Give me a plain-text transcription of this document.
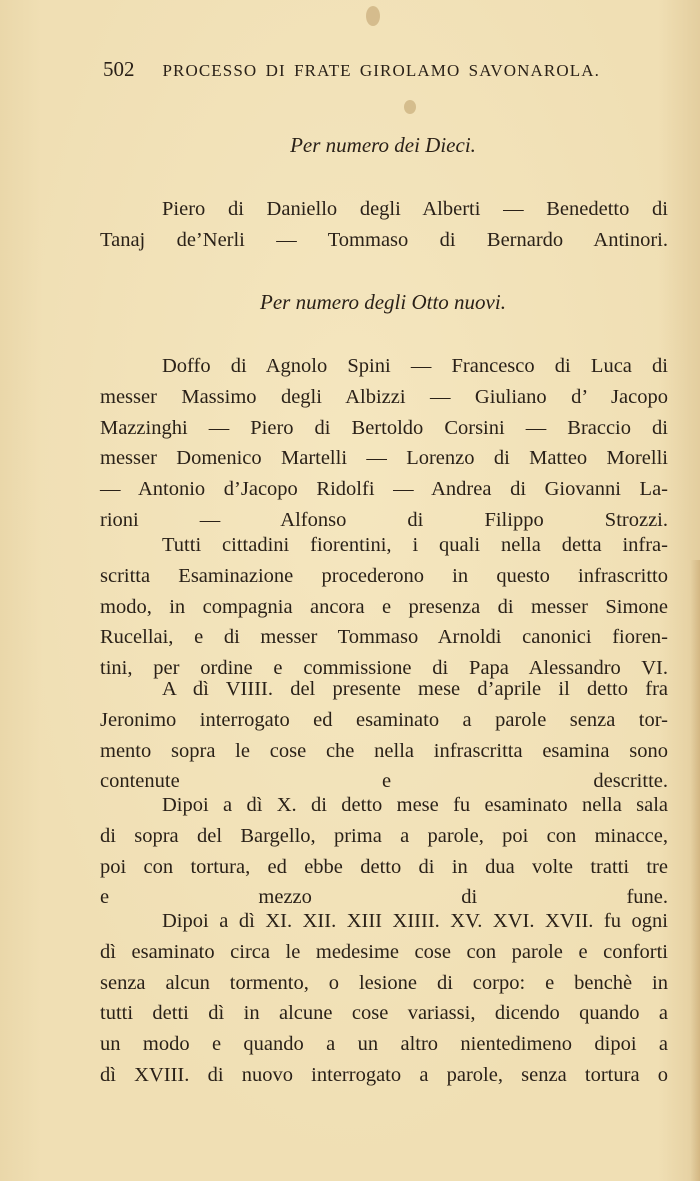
502 PROCESSO DI FRATE GIROLAMO SAVONAROLA.
Per numero dei Dieci.
Piero di Daniello degli Alberti — Benedetto di
Tanaj de’Nerli — Tommaso di Bernardo Antinori.
Per numero degli Otto nuovi.
Doffo di Agnolo Spini — Francesco di Luca di
messer Massimo degli Albizzi — Giuliano d’ Jacopo
Mazzinghi — Piero di Bertoldo Corsini — Braccio di
messer Domenico Martelli — Lorenzo di Matteo Morelli
— Antonio d’Jacopo Ridolfi — Andrea di Giovanni La-
rioni — Alfonso di Filippo Strozzi.
Tutti cittadini fiorentini, i quali nella detta infra-
scritta Esaminazione procederono in questo infrascritto
modo, in compagnia ancora e presenza di messer Simone
Rucellai, e di messer Tommaso Arnoldi canonici fioren-
tini, per ordine e commissione di Papa Alessandro VI.
A dì VIIII. del presente mese d’aprile il detto fra
Jeronimo interrogato ed esaminato a parole senza tor-
mento sopra le cose che nella infrascritta esamina sono
contenute e descritte.
Dipoi a dì X. di detto mese fu esaminato nella sala
di sopra del Bargello, prima a parole, poi con minacce,
poi con tortura, ed ebbe detto di in dua volte tratti tre
e mezzo di fune.
Dipoi a dì XI. XII. XIII XIIII. XV. XVI. XVII. fu ogni
dì esaminato circa le medesime cose con parole e conforti
senza alcun tormento, o lesione di corpo: e benchè in
tutti detti dì in alcune cose variassi, dicendo quando a
un modo e quando a un altro nientedimeno dipoi a
dì XVIII. di nuovo interrogato a parole, senza tortura o
